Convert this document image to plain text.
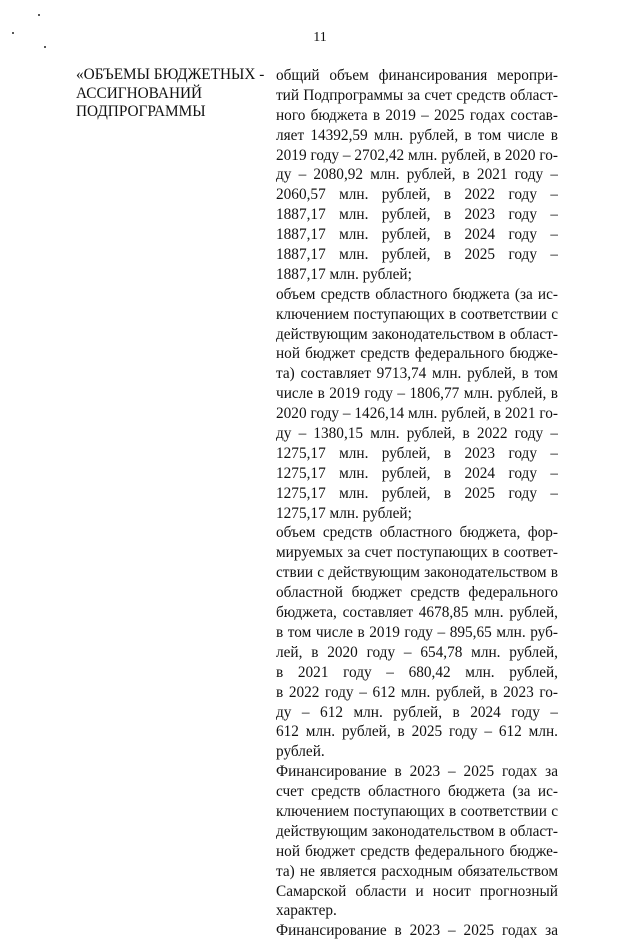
11
«ОБЪЕМЫ БЮДЖЕТНЫХ -
АССИГНОВАНИЙ
ПОДПРОГРАММЫ
общий объем финансирования меропри-
тий Подпрограммы за счет средств област-
ного бюджета в 2019 – 2025 годах состав-
ляет 14392,59 млн. рублей, в том числе в
2019 году – 2702,42 млн. рублей, в 2020 го-
ду – 2080,92 млн. рублей, в 2021 году –
2060,57 млн. рублей, в 2022 году –
1887,17 млн. рублей, в 2023 году –
1887,17 млн. рублей, в 2024 году –
1887,17 млн. рублей, в 2025 году –
1887,17 млн. рублей;
объем средств областного бюджета (за ис-
ключением поступающих в соответствии с
действующим законодательством в област-
ной бюджет средств федерального бюдже-
та) составляет 9713,74 млн. рублей, в том
числе в 2019 году – 1806,77 млн. рублей, в
2020 году – 1426,14 млн. рублей, в 2021 го-
ду – 1380,15 млн. рублей, в 2022 году –
1275,17 млн. рублей, в 2023 году –
1275,17 млн. рублей, в 2024 году –
1275,17 млн. рублей, в 2025 году –
1275,17 млн. рублей;
объем средств областного бюджета, фор-
мируемых за счет поступающих в соответ-
ствии с действующим законодательством в
областной бюджет средств федерального
бюджета, составляет 4678,85 млн. рублей,
в том числе в 2019 году – 895,65 млн. руб-
лей, в 2020 году – 654,78 млн. рублей,
в 2021 году – 680,42 млн. рублей,
в 2022 году – 612 млн. рублей, в 2023 го-
ду – 612 млн. рублей, в 2024 году –
612 млн. рублей, в 2025 году – 612 млн.
рублей.
Финансирование в 2023 – 2025 годах за
счет средств областного бюджета (за ис-
ключением поступающих в соответствии с
действующим законодательством в област-
ной бюджет средств федерального бюдже-
та) не является расходным обязательством
Самарской области и носит прогнозный
характер.
Финансирование в 2023 – 2025 годах за
